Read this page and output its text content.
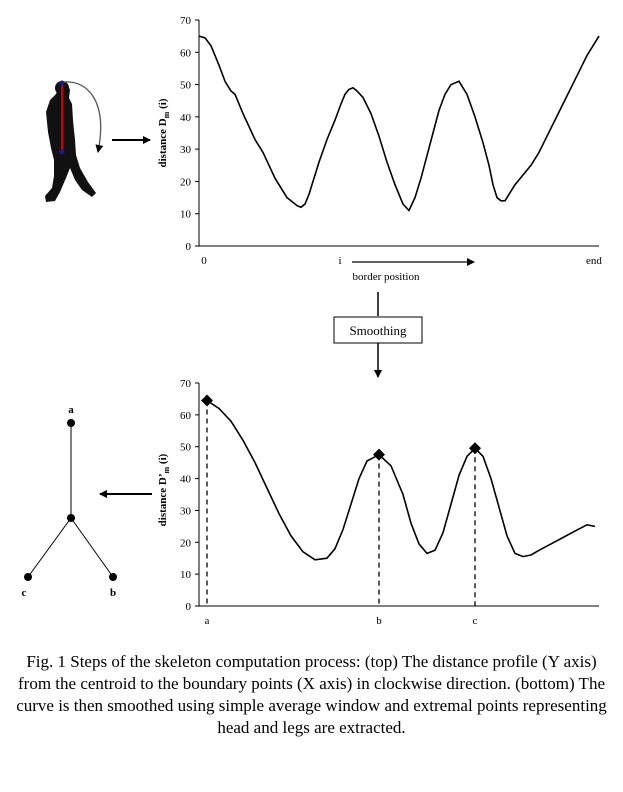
0
10
20
30
40
50
60
70
distance $D_m$ (i)
0	i	end
border position
Smoothing
0
10
20
30
40
50
60
70
a	b	c
distance $D’_m$ (i)
a
b
c
Fig. 1 Steps of the skeleton computation process: (top) The distance profile (Y axis) from the centroid to the boundary points (X axis) in clockwise direction. (bottom) The curve is then smoothed using simple average window and extremal points representing head and legs are extracted.
